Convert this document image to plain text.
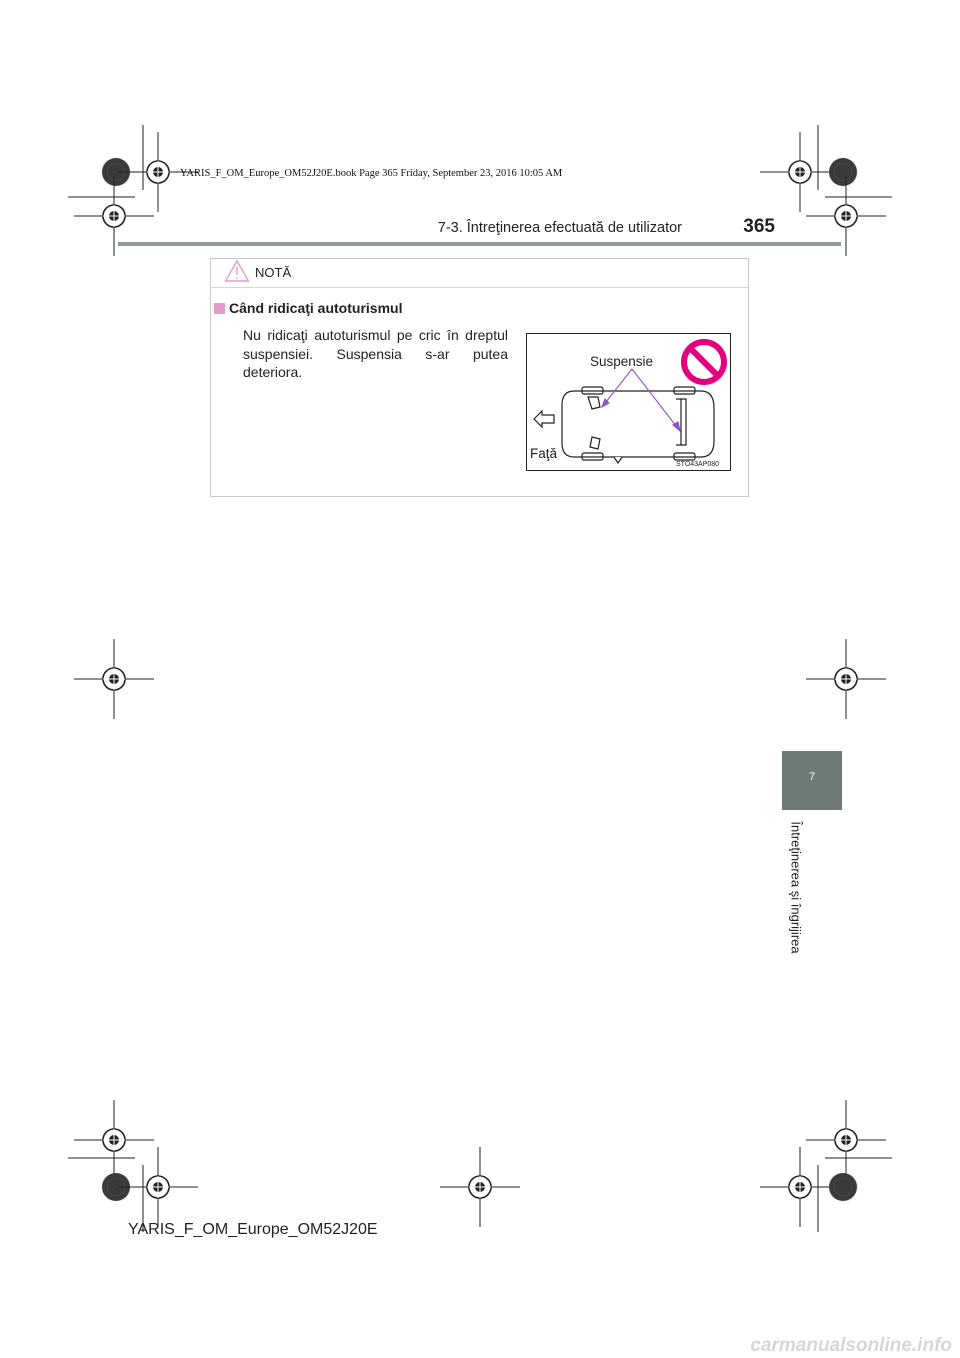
YARIS_F_OM_Europe_OM52J20E.book Page 365 Friday, September 23, 2016 10:05 AM
7-3. Întreţinerea efectuată de utilizator	365
7
Întreţinerea şi îngrijirea
NOTĂ
Când ridicaţi autoturismul
Nu ridicaţi autoturismul pe cric în dreptul suspensiei. Suspensia s-ar putea deteriora.
Suspensie
Faţă
STO43AP080
YARIS_F_OM_Europe_OM52J20E
carmanualsonline.info
